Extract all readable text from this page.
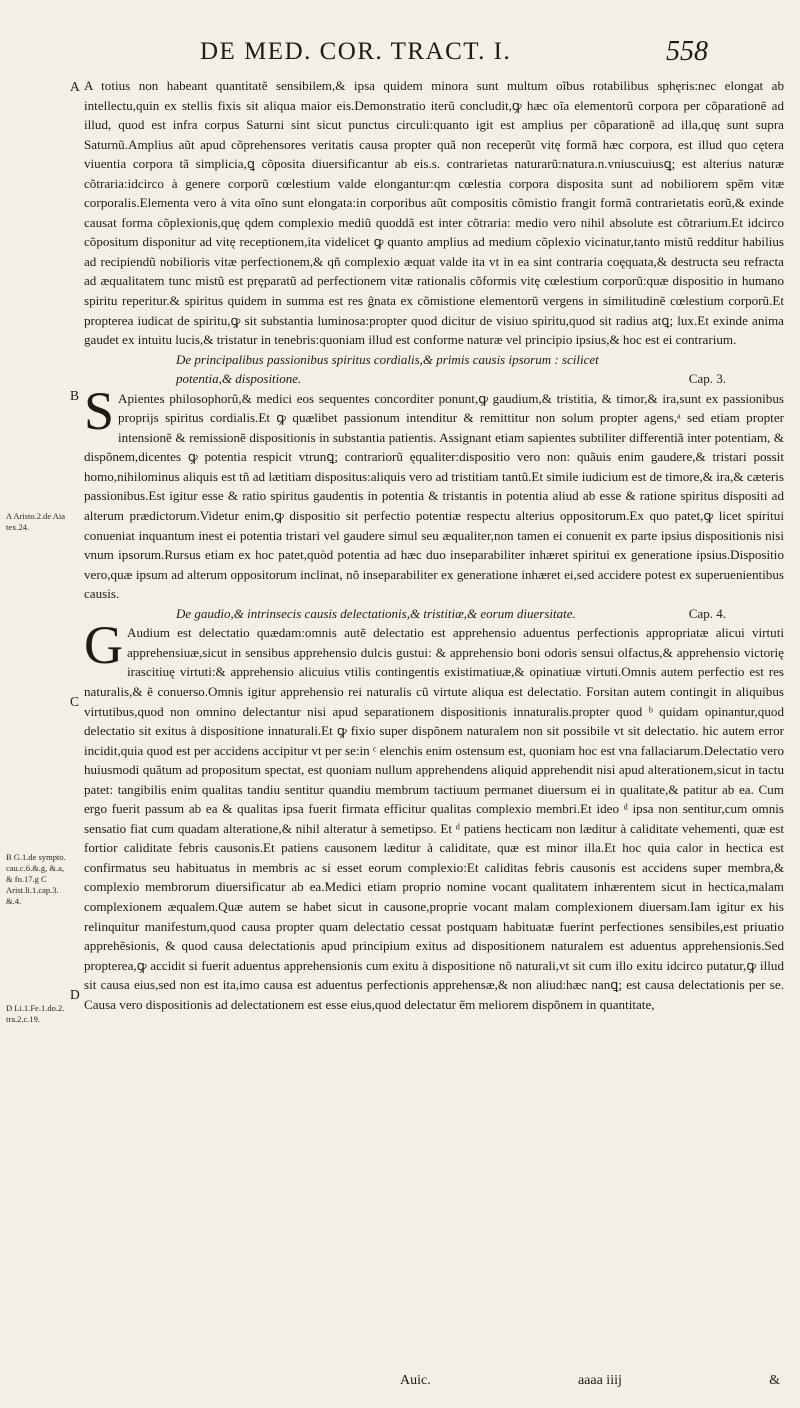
DE MED. COR. TRACT. I.	558
A
B
C
D
A Aristo.2.de Aia tex.24.
B G.1.de sympto. cau.c.6.&.g, &.a, & fo.17.g C Arist.li.1.cap.3. &.4.
D Li.1.Fe.1.do.2. tra.2.c.19.

A totius non habeant quantitatẽ sensibilem,& ipsa quidem minora sunt multum oĩbus rotabilibus sphęris:nec elongat ab intellectu,quin ex stellis fixis sit aliqua maior eis.Demonstratio iterũ concludit,ꝙ hæc oĩa elementorũ corpora per cõparationẽ ad illud, quod est infra corpus Saturni sint sicut punctus circuli:quanto igit est amplius per cõparationẽ ad illa,quę sunt supra Saturnũ.Amplius aũt apud cõprehensores veritatis causa propter quã non receperũt vitę formã hæc corpora, est illud quo cętera viuentia corpora tã simplicia,ꝗ cõposita diuersificantur ab eis.s. contrarietas naturarũ:natura.n.vniuscuiusꝗ; est alterius naturæ cõtraria:idcirco à genere corporũ cœlestium valde elongantur:qm cœlestia corpora disposita sunt ad nobiliorem spẽm vitæ corporalis.Elementa vero à vita oĩno sunt elongata:in corporibus aũt compositis cõmistio frangit formã contrarietatis eorũ,& exinde causat forma cõplexionis,quę qdem complexio mediũ quoddã est inter cõtraria: medio vero nihil absolute est cõtrarium.Et idcirco cõpositum disponitur ad vitę receptionem,ita videlicet ꝙ quanto amplius ad medium cõplexio vicinatur,tanto mistũ redditur habilius ad recipiendũ nobilioris vitæ perfectionem,& qñ complexio æquat valde ita vt in ea sint contraria coęquata,& destructa seu refracta ad æqualitatem tunc mistũ est pręparatũ ad perfectionem vitæ rationalis cõformis vitę cœlestium corporũ:quæ dispositio in humano spiritu reperitur.& spiritus quidem in summa est res ĝnata ex cõmistione elementorũ vergens in similitudinẽ cœlestium corporũ.Et propterea iudicat de spiritu,ꝙ sit substantia luminosa:propter quod dicitur de visiuo spiritu,quod sit radius atꝗ; lux.Et exinde anima gaudet ex intuitu lucis,& tristatur in tenebris:quoniam illud est conforme naturæ vel principio ipsius,& hoc est ei contrarium.

De principalibus passionibus spiritus cordialis,& primis causis ipsorum : scilicet potentia,& dispositione.	Cap. 3.

S Apientes philosophorũ,& medici eos sequentes concorditer ponunt,ꝙ gaudium,& tristitia, & timor,& ira,sunt ex passionibus proprijs spiritus cordialis.Et ꝙ quælibet passionum intenditur & remittitur non solum propter agens,ᵃ sed etiam propter intensionẽ & remissionẽ dispositionis in substantia patientis. Assignant etiam sapientes subtiliter differentiã inter potentiam, & dispõnem,dicentes ꝙ potentia respicit vtrunꝗ; contrariorũ ęqualiter:dispositio vero non: quãuis enim gaudere,& tristari possit homo,nihilominus aliquis est tñ ad lætitiam dispositus:aliquis vero ad tristitiam tantũ.Et simile iudicium est de timore,& ira,& cæteris passionibus.Est igitur esse & ratio spiritus gaudentis in potentia & tristantis in potentia aliud ab esse & ratione spiritus dispositi ad alterum prædictorum.Videtur enim,ꝙ dispositio sit perfectio potentiæ respectu alterius oppositorum.Ex quo patet,ꝙ licet spiritui conueniat inquantum inest ei potentia tristari vel gaudere simul seu æqualiter,non tamen ei conuenit ex parte ipsius dispositionis nisi vnum ipsorum.Rursus etiam ex hoc patet,quòd potentia ad hæc duo inseparabiliter inhæret spiritui ex generatione ipsius.Dispositio vero,quæ ipsum ad alterum oppositorum inclinat, nõ inseparabiliter ex generatione inhæret ei,sed accidere potest ex superuenientibus causis.

De gaudio,& intrinsecis causis delectationis,& tristitiæ,& eorum diuersitate.	Cap. 4.

G Audium est delectatio quædam:omnis autẽ delectatio est apprehensio aduentus perfectionis appropriatæ alicui virtuti apprehensiuæ,sicut in sensibus apprehensio dulcis gustui: & apprehensio boni odoris sensui olfactus,& apprehensio victorię irascitiuę virtuti:& apprehensio alicuius vtilis contingentis existimatiuæ,& opinatiuæ virtuti.Omnis autem perfectio est res naturalis,& ẽ conuerso.Omnis igitur apprehensio rei naturalis cũ virtute aliqua est delectatio. Forsitan autem contingit in aliquibus virtutibus,quod non omnino delectantur nisi apud separationem dispositionis innaturalis.propter quod ᵇ quidam opinantur,quod delectatio sit exitus à dispositione innaturali.Et ꝙ fixio super dispõnem naturalem non sit possibile vt sit delectatio. hic autem error incidit,quia quod est per accidens accipitur vt per se:in ᶜ elenchis enim ostensum est, quoniam hoc est vna fallaciarum.Delectatio vero huiusmodi quãtum ad propositum spectat, est quoniam nullum apprehendens aliquid apprehendit nisi apud alterationem,sicut in tactu patet: tangibilis enim qualitas tandiu sentitur quandiu membrum tactiuum permanet diuersum ei in qualitate,& patitur ab ea. Cum ergo fuerit passum ab ea & qualitas ipsa fuerit firmata efficitur qualitas complexio membri.Et ideo ᵈ ipsa non sentitur,cum omnis sensatio fiat cum quadam alteratione,& nihil alteratur à semetipso. Et ᵈ patiens hecticam non læditur à caliditate vehementi, quæ est fortior caliditate febris causonis.Et patiens causonem læditur à caliditate, quæ est minor illa.Et hoc quia calor in hectica est confirmatus seu habituatus in membris ac si esset eorum complexio:Et caliditas febris causonis est accidens super membra,& complexio membrorum diuersificatur ab ea.Medici etiam proprio nomine vocant qualitatem inhærentem sicut in hectica,malam complexionem æqualem.Quæ autem se habet sicut in causone,proprie vocant malam complexionem diuersam.Iam igitur ex his relinquitur manifestum,quod causa propter quam delectatio cessat postquam habituatæ fuerint perfectiones sensibiles,est priuatio apprehẽsionis, & quod causa delectationis apud principium exitus ad dispositionem naturalem est aduentus apprehensionis.Sed propterea,ꝙ accidit si fuerit aduentus apprehensionis cum exitu à dispositione nõ naturali,vt sit cum illo exitu idcirco putatur,ꝙ illud sit causa eius,sed non est ita,imo causa est aduentus perfectionis apprehensæ,& non aliud:hæc nanꝗ; est causa delectationis per se. Causa vero dispositionis ad delectationem est esse eius,quod delectatur ẽm meliorem dispõnem in quantitate,

Auic.	aaaa iiij	&
